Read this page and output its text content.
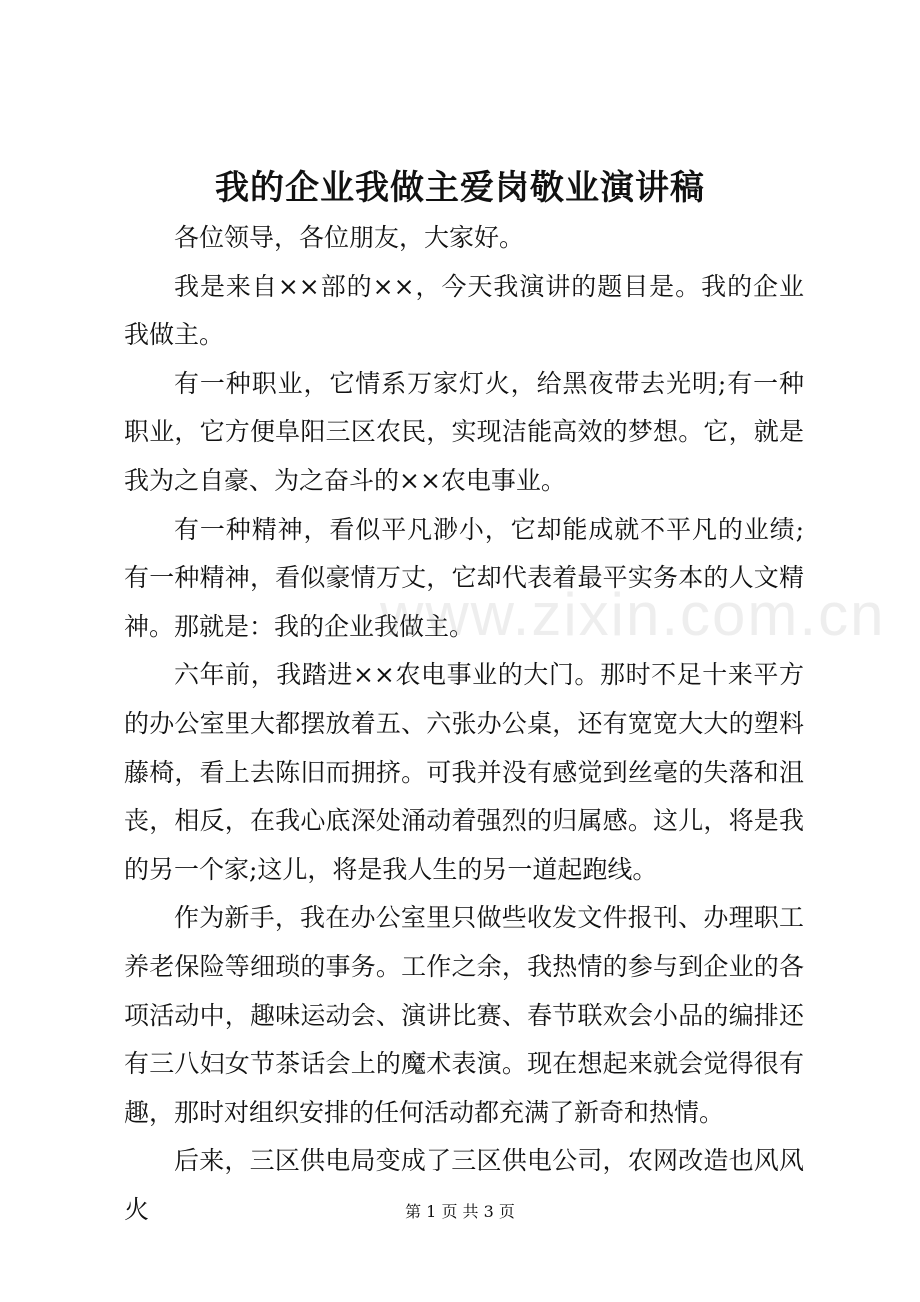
我的企业我做主爱岗敬业演讲稿

各位领导，各位朋友，大家好。

我是来自××部的××，今天我演讲的题目是。我的企业我做主。

有一种职业，它情系万家灯火，给黑夜带去光明;有一种职业，它方便阜阳三区农民，实现洁能高效的梦想。它，就是我为之自豪、为之奋斗的××农电事业。

有一种精神，看似平凡渺小，它却能成就不平凡的业绩;有一种精神，看似豪情万丈，它却代表着最平实务本的人文精神。那就是：我的企业我做主。

六年前，我踏进××农电事业的大门。那时不足十来平方的办公室里大都摆放着五、六张办公桌，还有宽宽大大的塑料藤椅，看上去陈旧而拥挤。可我并没有感觉到丝毫的失落和沮丧，相反，在我心底深处涌动着强烈的归属感。这儿，将是我的另一个家;这儿，将是我人生的另一道起跑线。

作为新手，我在办公室里只做些收发文件报刊、办理职工养老保险等细琐的事务。工作之余，我热情的参与到企业的各项活动中，趣味运动会、演讲比赛、春节联欢会小品的编排还有三八妇女节茶话会上的魔术表演。现在想起来就会觉得很有趣，那时对组织安排的任何活动都充满了新奇和热情。

后来，三区供电局变成了三区供电公司，农网改造也风风火

www.zixin.com.cn
第 1 页 共 3 页
